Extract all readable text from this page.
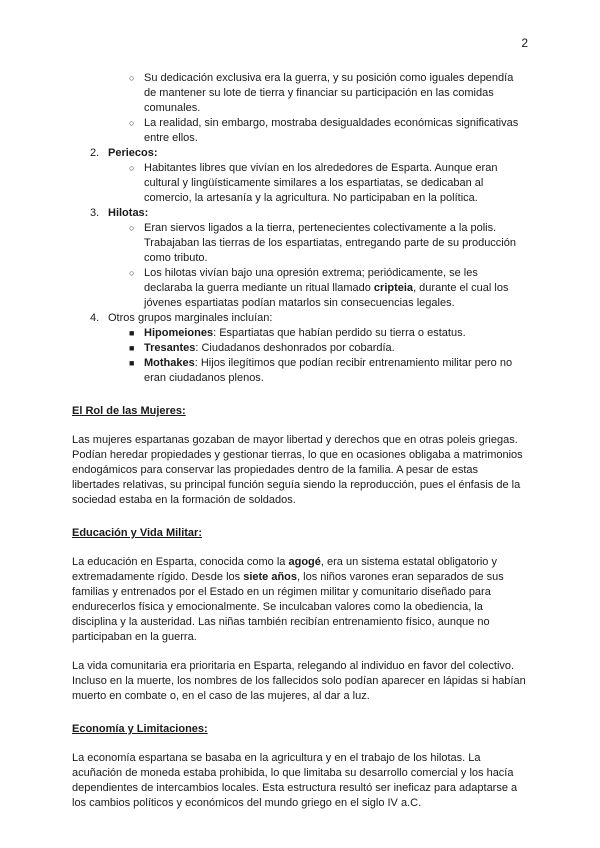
2
○ Su dedicación exclusiva era la guerra, y su posición como iguales dependía de mantener su lote de tierra y financiar su participación en las comidas comunales.
○ La realidad, sin embargo, mostraba desigualdades económicas significativas entre ellos.
2. Periecos:
○ Habitantes libres que vivían en los alrededores de Esparta. Aunque eran cultural y lingüísticamente similares a los espartiatas, se dedicaban al comercio, la artesanía y la agricultura. No participaban en la política.
3. Hilotas:
○ Eran siervos ligados a la tierra, pertenecientes colectivamente a la polis. Trabajaban las tierras de los espartiatas, entregando parte de su producción como tributo.
○ Los hilotas vivían bajo una opresión extrema; periódicamente, se les declaraba la guerra mediante un ritual llamado cripteia, durante el cual los jóvenes espartiatas podían matarlos sin consecuencias legales.
4. Otros grupos marginales incluían:
■ Hipomeiones: Espartiatas que habían perdido su tierra o estatus.
■ Tresantes: Ciudadanos deshonrados por cobardía.
■ Mothakes: Hijos ilegítimos que podían recibir entrenamiento militar pero no eran ciudadanos plenos.
El Rol de las Mujeres:

Las mujeres espartanas gozaban de mayor libertad y derechos que en otras poleis griegas. Podían heredar propiedades y gestionar tierras, lo que en ocasiones obligaba a matrimonios endogámicos para conservar las propiedades dentro de la familia. A pesar de estas libertades relativas, su principal función seguía siendo la reproducción, pues el énfasis de la sociedad estaba en la formación de soldados.

Educación y Vida Militar:

La educación en Esparta, conocida como la agogé, era un sistema estatal obligatorio y extremadamente rígido. Desde los siete años, los niños varones eran separados de sus familias y entrenados por el Estado en un régimen militar y comunitario diseñado para endurecerlos física y emocionalmente. Se inculcaban valores como la obediencia, la disciplina y la austeridad. Las niñas también recibían entrenamiento físico, aunque no participaban en la guerra.

La vida comunitaria era prioritaria en Esparta, relegando al individuo en favor del colectivo. Incluso en la muerte, los nombres de los fallecidos solo podían aparecer en lápidas si habían muerto en combate o, en el caso de las mujeres, al dar a luz.

Economía y Limitaciones:

La economía espartana se basaba en la agricultura y en el trabajo de los hilotas. La acuñación de moneda estaba prohibida, lo que limitaba su desarrollo comercial y los hacía dependientes de intercambios locales. Esta estructura resultó ser ineficaz para adaptarse a los cambios políticos y económicos del mundo griego en el siglo IV a.C.
